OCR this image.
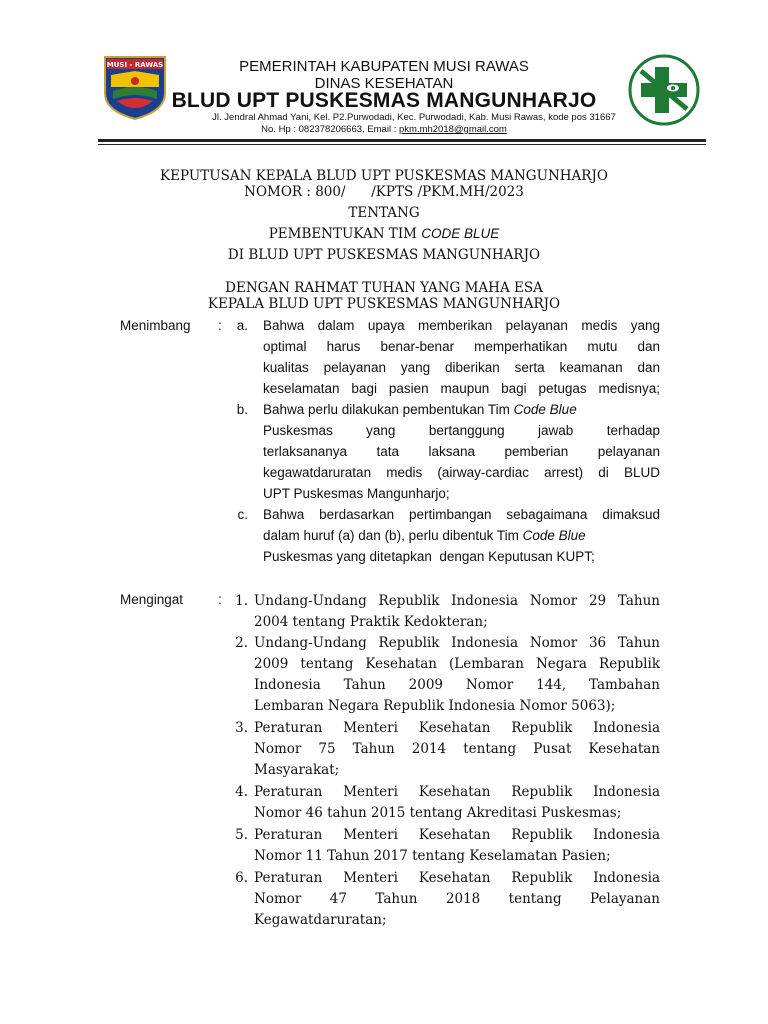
MUSI - RAWAS	PEMERINTAH KABUPATEN MUSI RAWAS
DINAS KESEHATAN
BLUD UPT PUSKESMAS MANGUNHARJO
Jl. Jendral Ahmad Yani, Kel. P2.Purwodadi, Kec. Purwodadi, Kab. Musi Rawas, kode pos 31667
No. Hp : 082378206663, Email : pkm.mh2018@gmail.com
KEPUTUSAN KEPALA BLUD UPT PUSKESMAS MANGUNHARJO
NOMOR : 800/      /KPTS /PKM.MH/2023
TENTANG
PEMBENTUKAN TIM CODE BLUE
DI BLUD UPT PUSKESMAS MANGUNHARJO
DENGAN RAHMAT TUHAN YANG MAHA ESA
KEPALA BLUD UPT PUSKESMAS MANGUNHARJO
Menimbang :	a. Bahwa dalam upaya memberikan pelayanan medis yang
optimal harus benar-benar memperhatikan mutu dan
kualitas pelayanan yang diberikan serta keamanan dan
keselamatan bagi pasien maupun bagi petugas medisnya;
b. Bahwa perlu dilakukan pembentukan Tim Code Blue
Puskesmas yang bertanggung jawab terhadap
terlaksananya tata laksana pemberian pelayanan
kegawatdaruratan medis (airway-cardiac arrest) di BLUD
UPT Puskesmas Mangunharjo;
c. Bahwa berdasarkan pertimbangan sebagaimana dimaksud
dalam huruf (a) dan (b), perlu dibentuk Tim Code Blue
Puskesmas yang ditetapkan  dengan Keputusan KUPT;
Mengingat	: 1. Undang-Undang Republik Indonesia Nomor 29 Tahun
2004 tentang Praktik Kedokteran;
2. Undang-Undang Republik Indonesia Nomor 36 Tahun
2009 tentang Kesehatan (Lembaran Negara Republik
Indonesia Tahun 2009 Nomor 144, Tambahan
Lembaran Negara Republik Indonesia Nomor 5063);
3. Peraturan Menteri Kesehatan Republik Indonesia
Nomor 75 Tahun 2014 tentang Pusat Kesehatan
Masyarakat;
4. Peraturan Menteri Kesehatan Republik Indonesia
Nomor 46 tahun 2015 tentang Akreditasi Puskesmas;
5. Peraturan Menteri Kesehatan Republik Indonesia
Nomor 11 Tahun 2017 tentang Keselamatan Pasien;
6. Peraturan Menteri Kesehatan Republik Indonesia
Nomor 47 Tahun 2018 tentang Pelayanan
Kegawatdaruratan;
